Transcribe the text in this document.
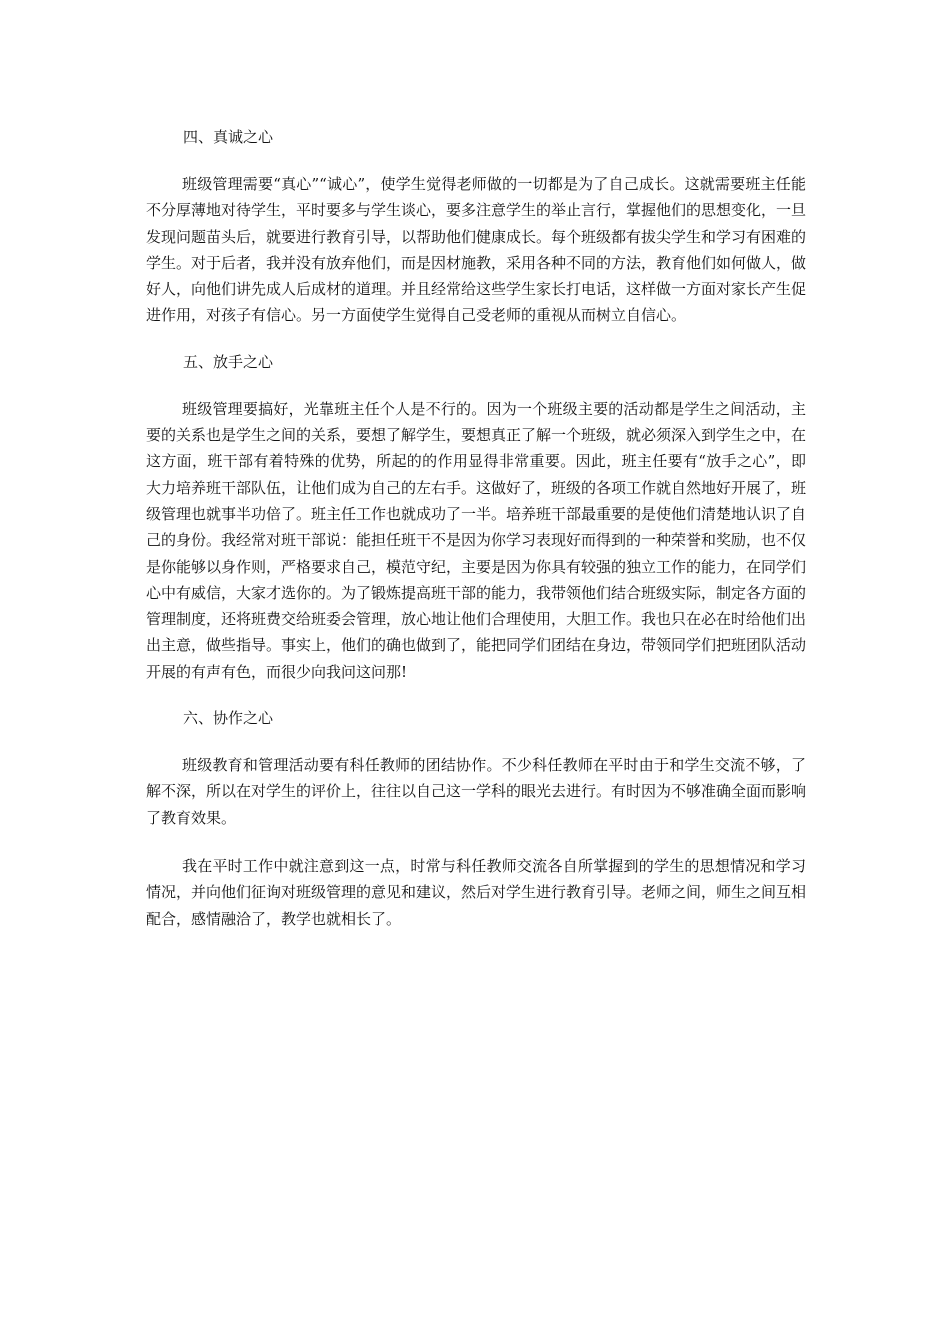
四、真诚之心

班级管理需要“真心”“诚心”，使学生觉得老师做的一切都是为了自己成长。这就需要班主任能不分厚薄地对待学生，平时要多与学生谈心，要多注意学生的举止言行，掌握他们的思想变化，一旦发现问题苗头后，就要进行教育引导，以帮助他们健康成长。每个班级都有拔尖学生和学习有困难的学生。对于后者，我并没有放弃他们，而是因材施教，采用各种不同的方法，教育他们如何做人，做好人，向他们讲先成人后成材的道理。并且经常给这些学生家长打电话，这样做一方面对家长产生促进作用，对孩子有信心。另一方面使学生觉得自己受老师的重视从而树立自信心。

五、放手之心

班级管理要搞好，光靠班主任个人是不行的。因为一个班级主要的活动都是学生之间活动，主要的关系也是学生之间的关系，要想了解学生，要想真正了解一个班级，就必须深入到学生之中，在这方面，班干部有着特殊的优势，所起的的作用显得非常重要。因此，班主任要有“放手之心”，即大力培养班干部队伍，让他们成为自己的左右手。这做好了，班级的各项工作就自然地好开展了，班级管理也就事半功倍了。班主任工作也就成功了一半。培养班干部最重要的是使他们清楚地认识了自己的身份。我经常对班干部说：能担任班干不是因为你学习表现好而得到的一种荣誉和奖励，也不仅是你能够以身作则，严格要求自己，模范守纪，主要是因为你具有较强的独立工作的能力，在同学们心中有威信，大家才选你的。为了锻炼提高班干部的能力，我带领他们结合班级实际，制定各方面的管理制度，还将班费交给班委会管理，放心地让他们合理使用，大胆工作。我也只在必在时给他们出出主意，做些指导。事实上，他们的确也做到了，能把同学们团结在身边，带领同学们把班团队活动开展的有声有色，而很少向我问这问那!

六、协作之心

班级教育和管理活动要有科任教师的团结协作。不少科任教师在平时由于和学生交流不够，了解不深，所以在对学生的评价上，往往以自己这一学科的眼光去进行。有时因为不够准确全面而影响了教育效果。

我在平时工作中就注意到这一点，时常与科任教师交流各自所掌握到的学生的思想情况和学习情况，并向他们征询对班级管理的意见和建议，然后对学生进行教育引导。老师之间，师生之间互相配合，感情融洽了，教学也就相长了。
